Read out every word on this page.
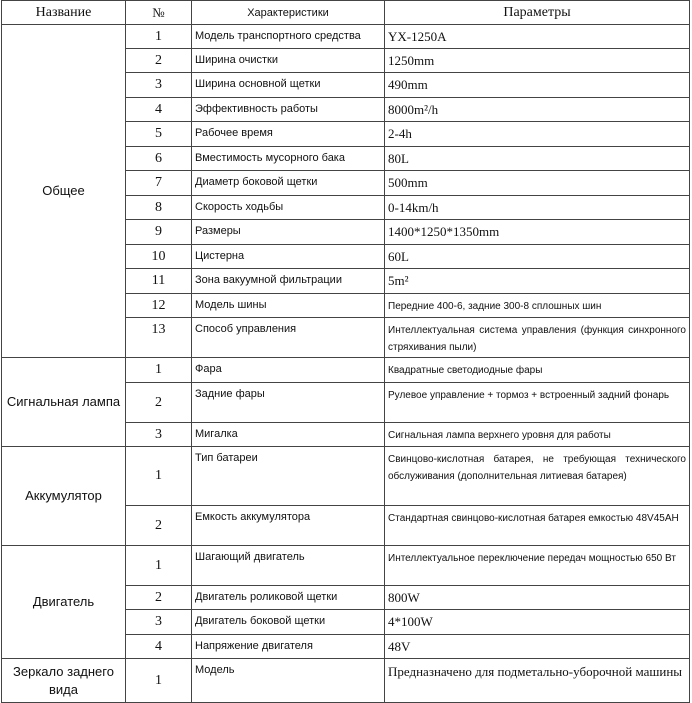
Название	№	Характеристики	Параметры
Общее	1	Модель транспортного средства	YX-1250A
	2	Ширина очистки	1250mm
	3	Ширина основной щетки	490mm
	4	Эффективность работы	8000m²/h
	5	Рабочее время	2-4h
	6	Вместимость мусорного бака	80L
	7	Диаметр боковой щетки	500mm
	8	Скорость ходьбы	0-14km/h
	9	Размеры	1400*1250*1350mm
	10	Цистерна	60L
	11	Зона вакуумной фильтрации	5m²
	12	Модель шины	Передние 400-6, задние 300-8 сплошных шин
	13	Способ управления	Интеллектуальная система управления (функция синхронного стряхивания пыли)
Сигнальная лампа	1	Фара	Квадратные светодиодные фары
	2	Задние фары	Рулевое управление + тормоз + встроенный задний фонарь
	3	Мигалка	Сигнальная лампа верхнего уровня для работы
Аккумулятор	1	Тип батареи	Свинцово-кислотная батарея, не требующая технического обслуживания (дополнительная литиевая батарея)
	2	Емкость аккумулятора	Стандартная свинцово-кислотная батарея емкостью 48V45AH
Двигатель	1	Шагающий двигатель	Интеллектуальное переключение передач мощностью 650 Вт
	2	Двигатель роликовой щетки	800W
	3	Двигатель боковой щетки	4*100W
	4	Напряжение двигателя	48V
Зеркало заднего вида	1	Модель	Предназначено для подметально-уборочной машины
